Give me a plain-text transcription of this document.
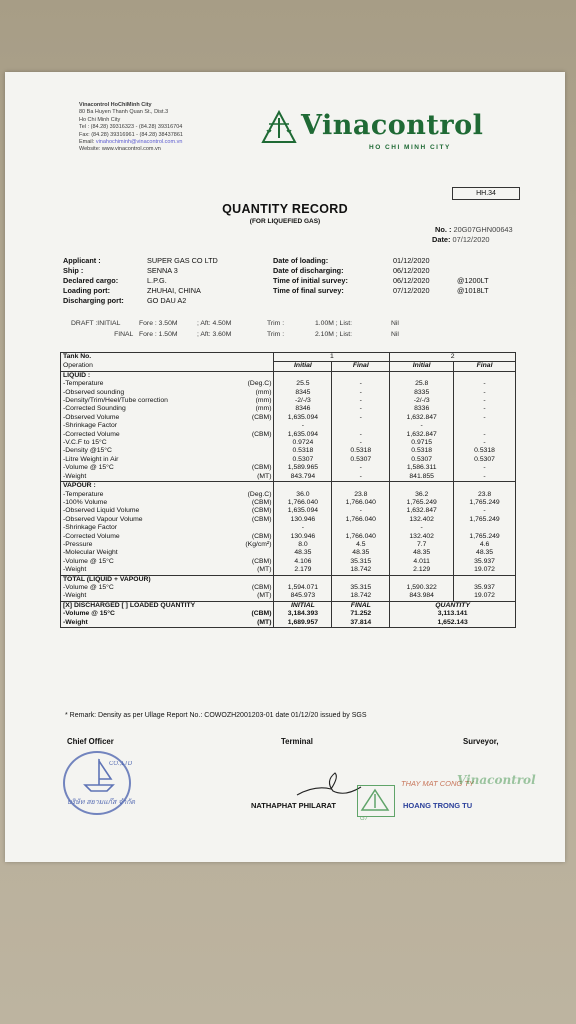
Vinacontrol HoChiMinh City
80 Ba Huyen Thanh Quan St., Dist.3
Ho Chi Minh City
Tel : (84.28) 39316323 - (84.28) 39316704
Fax: (84.28) 39316961 - (84.28) 38437861
Email: vinahochiminh@vinacontrol.com.vn
Website: www.vinacontrol.com.vn
Vinacontrol
HO CHI MINH CITY
HH.34
QUANTITY RECORD
(FOR LIQUEFIED GAS)
No. : 20G07GHN00643
Date: 07/12/2020
Applicant :	SUPER GAS CO LTD
Ship :	SENNA 3
Declared cargo:	L.P.G.
Loading port:	ZHUHAI, CHINA
Discharging port:	GO DAU A2
Date of loading:	01/12/2020
Date of discharging:	06/12/2020
Time of initial survey:	06/12/2020	@1200LT
Time of final survey:	07/12/2020	@1018LT
DRAFT :INITIAL	Fore : 3.50M	; Aft: 4.50M	Trim :	1.00M ; List:	Nil
FINAL Fore : 1.50M	; Aft: 3.60M	Trim :	2.10M ; List:	Nil
Tank No.		1		2	
Operation		Initial	Final	Initial	Final
LIQUID :					
-Temperature	(Deg.C)	25.5	-	25.8	-
-Observed sounding	(mm)	8345	-	8335	-
-Density/Trim/Heel/Tube correction	(mm)	-2/-/3	-	-2/-/3	-
-Corrected Sounding	(mm)	8346	-	8336	-
-Observed Volume	(CBM)	1,635.094	-	1,632.847	-
-Shrinkage Factor		-		-	
-Corrected Volume	(CBM)	1,635.094	-	1,632.847	-
-V.C.F to 15°C		0.9724	-	0.9715	-
-Density @15°C		0.5318	0.5318	0.5318	0.5318
-Litre Weight in Air		0.5307	0.5307	0.5307	0.5307
-Volume @ 15°C	(CBM)	1,589.965	-	1,586.311	-
-Weight	(MT)	843.794	-	841.855	-
VAPOUR :					
-Temperature	(Deg.C)	36.0	23.8	36.2	23.8
-100% Volume	(CBM)	1,766.040	1,766.040	1,765.249	1,765.249
-Observed Liquid Volume	(CBM)	1,635.094	-	1,632.847	-
-Observed Vapour Volume	(CBM)	130.946	1,766.040	132.402	1,765.249
-Shrinkage Factor		-		-	
-Corrected Volume	(CBM)	130.946	1,766.040	132.402	1,765.249
-Pressure	(Kg/cm²)	8.0	4.5	7.7	4.6
-Molecular Weight		48.35	48.35	48.35	48.35
-Volume @ 15°C	(CBM)	4.106	35.315	4.011	35.937
-Weight	(MT)	2.179	18.742	2.129	19.072
TOTAL (LIQUID + VAPOUR)					
-Volume @ 15°C	(CBM)	1,594.071	35.315	1,590.322	35.937
-Weight	(MT)	845.973	18.742	843.984	19.072
[X] DISCHARGED [ ] LOADED QUANTITY		INITIAL	FINAL	QUANTITY	
-Volume @ 15°C	(CBM)	3,184.393	71.252	3,113.141	
-Weight	(MT)	1,689.957	37.814	1,652.143	
* Remark: Density as per Ullage Report No.: COWOZH2001203-01 date 01/12/20 issued by SGS
Chief Officer	Terminal	Surveyor,
CO.,LTD
บริษัท สยามแก๊ส จำกัด	NATHAPHAT PHILARAT
G7
THAY MAT CONG TY
Vinacontrol
HOANG TRONG TU
